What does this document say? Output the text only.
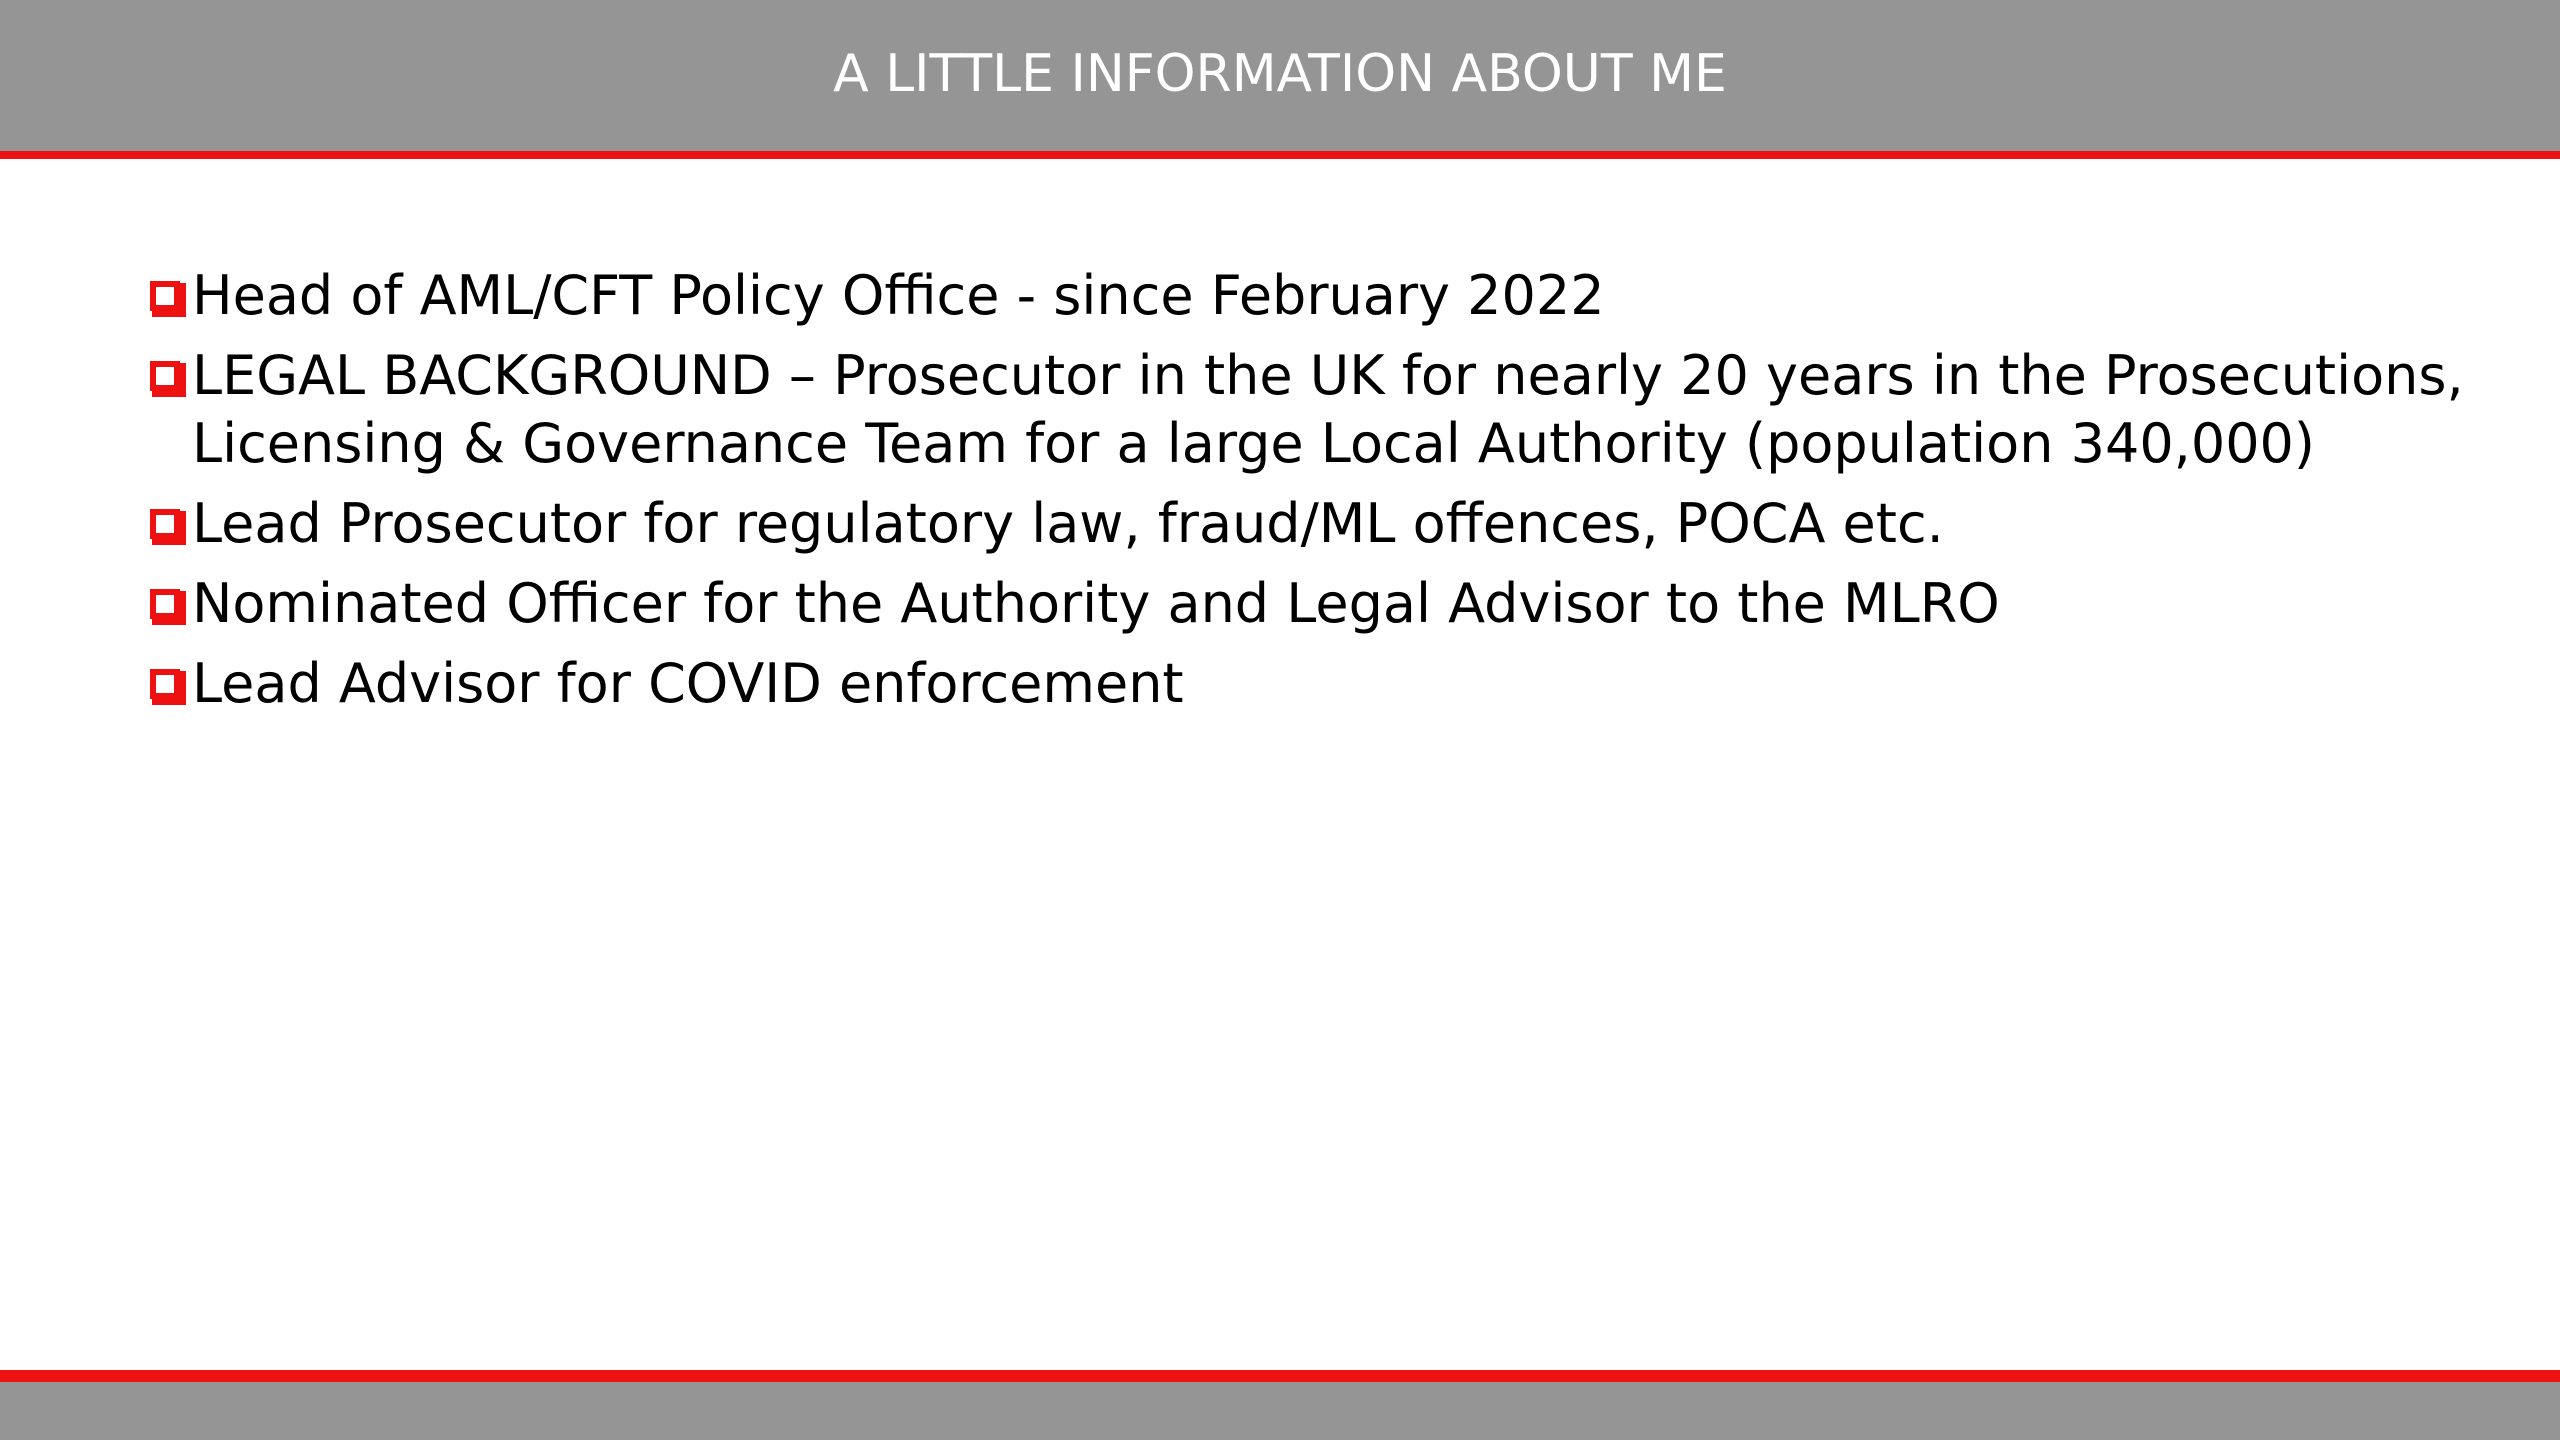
A LITTLE INFORMATION ABOUT ME
Head of AML/CFT Policy Office - since February 2022
LEGAL BACKGROUND – Prosecutor in the UK for nearly 20 years in the Prosecutions, Licensing & Governance Team for a large Local Authority (population 340,000)
Lead Prosecutor for regulatory law, fraud/ML offences, POCA etc.
Nominated Officer for the Authority and Legal Advisor to the MLRO
Lead Advisor for COVID enforcement
